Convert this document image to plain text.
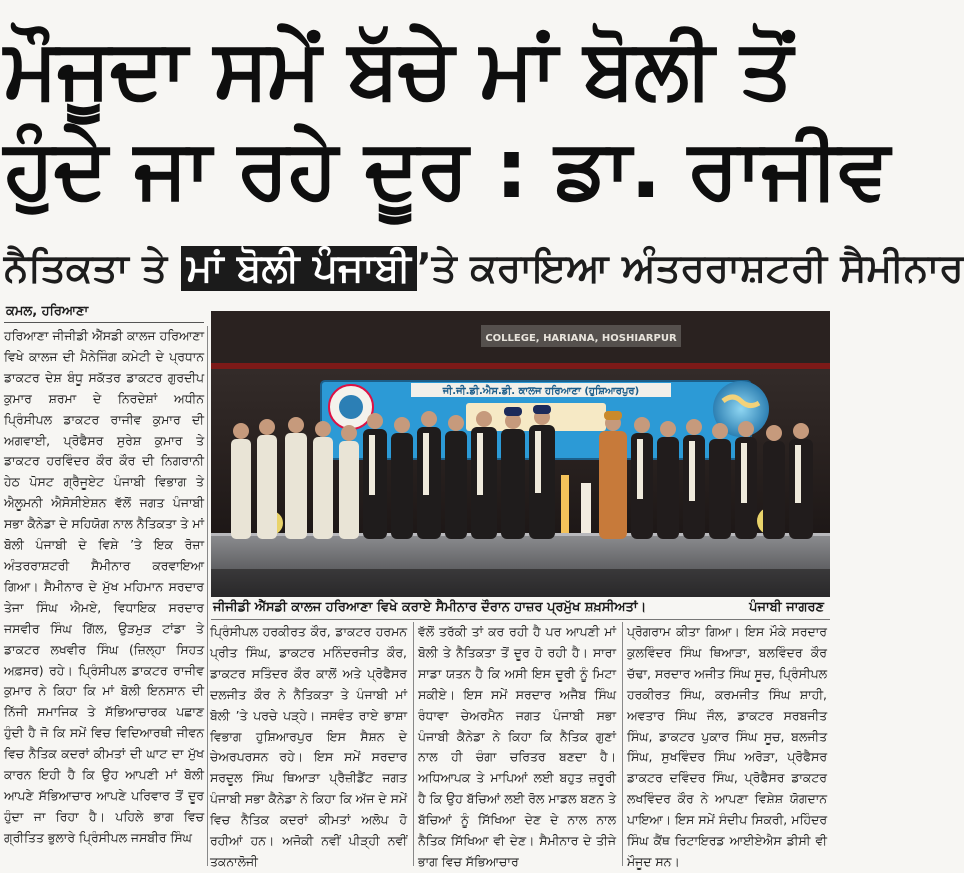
ਮੌਜੂਦਾ ਸਮੇਂ ਬੱਚੇ ਮਾਂ ਬੋਲੀ ਤੋਂ
ਹੁੰਦੇ ਜਾ ਰਹੇ ਦੂਰ : ਡਾ. ਰਾਜੀਵ
ਨੈਤਿਕਤਾ ਤੇ ਮਾਂ ਬੋਲੀ ਪੰਜਾਬੀ ’ਤੇ ਕਰਾਇਆ ਅੰਤਰਰਾਸ਼ਟਰੀ ਸੈਮੀਨਾਰ
ਕਮਲ, ਹਰਿਆਣਾ

ਹਰਿਆਣਾ ਜੀਜੀਡੀ ਐੱਸਡੀ ਕਾਲਜ ਹਰਿਆਣਾ ਵਿਖੇ ਕਾਲਜ ਦੀ ਮੈਨੇਜਿੰਗ ਕਮੇਟੀ ਦੇ ਪ੍ਰਧਾਨ ਡਾਕਟਰ ਦੇਸ਼ ਬੰਧੂ ਸਕੱਤਰ ਡਾਕਟਰ ਗੁਰਦੀਪ ਕੁਮਾਰ ਸ਼ਰਮਾ ਦੇ ਨਿਰਦੇਸ਼ਾਂ ਅਧੀਨ ਪ੍ਰਿੰਸੀਪਲ ਡਾਕਟਰ ਰਾਜੀਵ ਕੁਮਾਰ ਦੀ ਅਗਵਾਈ, ਪ੍ਰੋਫੈਸਰ ਸੁਰੇਸ਼ ਕੁਮਾਰ ਤੇ ਡਾਕਟਰ ਹਰਵਿੰਦਰ ਕੌਰ ਕੌਰ ਦੀ ਨਿਗਰਾਨੀ ਹੇਠ ਪੋਸਟ ਗ੍ਰੈਜੂਏਟ ਪੰਜਾਬੀ ਵਿਭਾਗ ਤੇ ਐਲੂਮਨੀ ਐਸੋਸੀਏਸ਼ਨ ਵੱਲੋਂ ਜਗਤ ਪੰਜਾਬੀ ਸਭਾ ਕੈਨੇਡਾ ਦੇ ਸਹਿਯੋਗ ਨਾਲ ਨੈਤਿਕਤਾ ਤੇ ਮਾਂ ਬੋਲੀ ਪੰਜਾਬੀ ਦੇ ਵਿਸ਼ੇ ’ਤੇ ਇਕ ਰੋਜ਼ਾ ਅੰਤਰਰਾਸ਼ਟਰੀ ਸੈਮੀਨਾਰ ਕਰਵਾਇਆ ਗਿਆ। ਸੈਮੀਨਾਰ ਦੇ ਮੁੱਖ ਮਹਿਮਾਨ ਸਰਦਾਰ ਤੇਜਾ ਸਿੰਘ ਐਮਏ, ਵਿਧਾਇਕ ਸਰਦਾਰ ਜਸਵੀਰ ਸਿੰਘ ਗਿੱਲ, ਉੜਮੁੜ ਟਾਂਡਾ ਤੇ ਡਾਕਟਰ ਲਖਵੀਰ ਸਿੰਘ (ਜ਼ਿਲ੍ਹਾ ਸਿਹਤ ਅਫ਼ਸਰ) ਰਹੇ। ਪ੍ਰਿੰਸੀਪਲ ਡਾਕਟਰ ਰਾਜੀਵ ਕੁਮਾਰ ਨੇ ਕਿਹਾ ਕਿ ਮਾਂ ਬੋਲੀ ਇਨਸਾਨ ਦੀ ਨਿੱਜੀ ਸਮਾਜਿਕ ਤੇ ਸੱਭਿਆਚਾਰਕ ਪਛਾਣ ਹੁੰਦੀ ਹੈ ਜੋ ਕਿ ਸਮੇਂ ਵਿਚ ਵਿਦਿਆਰਥੀ ਜੀਵਨ ਵਿਚ ਨੈਤਿਕ ਕਦਰਾਂ ਕੀਮਤਾਂ ਦੀ ਘਾਟ ਦਾ ਮੁੱਖ ਕਾਰਨ ਇਹੀ ਹੈ ਕਿ ਉਹ ਆਪਣੀ ਮਾਂ ਬੋਲੀ ਆਪਣੇ ਸੱਭਿਆਚਾਰ ਆਪਣੇ ਪਰਿਵਾਰ ਤੋਂ ਦੂਰ ਹੁੰਦਾ ਜਾ ਰਿਹਾ ਹੈ। ਪਹਿਲੇ ਭਾਗ ਵਿਚ ਗ੍ਰੀਤਿਤ ਭੁਲਾਰੇ ਪ੍ਰਿੰਸੀਪਲ ਜਸਬੀਰ ਸਿੰਘ

COLLEGE, HARIANA, HOSHIARPUR
ਜੀ.ਜੀ.ਡੀ.ਐਸ.ਡੀ. ਕਾਲਜ ਹਰਿਆਣਾ (ਹੁਸ਼ਿਆਰਪੁਰ)
ਜੀਜੀਡੀ ਐੱਸਡੀ ਕਾਲਜ ਹਰਿਆਣਾ ਵਿਖੇ ਕਰਾਏ ਸੈਮੀਨਾਰ ਦੌਰਾਨ ਹਾਜ਼ਰ ਪ੍ਰਮੁੱਖ ਸ਼ਖ਼ਸੀਅਤਾਂ।	ਪੰਜਾਬੀ ਜਾਗਰਣ

ਪ੍ਰਿੰਸੀਪਲ ਹਰਕੀਰਤ ਕੌਰ, ਡਾਕਟਰ ਹਰਮਨ ਪ੍ਰੀਤ ਸਿੰਘ, ਡਾਕਟਰ ਮਨਿੰਦਰਜੀਤ ਕੌਰ, ਡਾਕਟਰ ਸਤਿੰਦਰ ਕੌਰ ਕਾਲੋਂ ਅਤੇ ਪ੍ਰੋਫੈਸਰ ਦਲਜੀਤ ਕੌਰ ਨੇ ਨੈਤਿਕਤਾ ਤੇ ਪੰਜਾਬੀ ਮਾਂ ਬੋਲੀ ’ਤੇ ਪਰਚੇ ਪੜ੍ਹੇ। ਜਸਵੰਤ ਰਾਏ ਭਾਸ਼ਾ ਵਿਭਾਗ ਹੁਸ਼ਿਆਰਪੁਰ ਇਸ ਸੈਸ਼ਨ ਦੇ ਚੇਅਰਪਰਸਨ ਰਹੇ। ਇਸ ਸਮੇਂ ਸਰਦਾਰ ਸਰਦੂਲ ਸਿੰਘ ਥਿਆੜਾ ਪ੍ਰੈਜ਼ੀਡੈਂਟ ਜਗਤ ਪੰਜਾਬੀ ਸਭਾ ਕੈਨੇਡਾ ਨੇ ਕਿਹਾ ਕਿ ਅੱਜ ਦੇ ਸਮੇਂ ਵਿਚ ਨੈਤਿਕ ਕਦਰਾਂ ਕੀਮਤਾਂ ਅਲੋਪ ਹੋ ਰਹੀਆਂ ਹਨ। ਅਜੋਕੀ ਨਵੀਂ ਪੀੜ੍ਹੀ ਨਵੀਂ ਤਕਨਾਲੋਜੀ

ਵੱਲੋਂ ਤਰੱਕੀ ਤਾਂ ਕਰ ਰਹੀ ਹੈ ਪਰ ਆਪਣੀ ਮਾਂ ਬੋਲੀ ਤੇ ਨੈਤਿਕਤਾ ਤੋਂ ਦੂਰ ਹੋ ਰਹੀ ਹੈ। ਸਾਰਾ ਸਾਡਾ ਯਤਨ ਹੈ ਕਿ ਅਸੀ ਇਸ ਦੂਰੀ ਨੂੰ ਮਿਟਾ ਸਕੀਏ। ਇਸ ਸਮੇਂ ਸਰਦਾਰ ਅਜੈਬ ਸਿੰਘ ਰੰਧਾਵਾ ਚੇਅਰਮੈਨ ਜਗਤ ਪੰਜਾਬੀ ਸਭਾ ਪੰਜਾਬੀ ਕੈਨੇਡਾ ਨੇ ਕਿਹਾ ਕਿ ਨੈਤਿਕ ਗੁਣਾਂ ਨਾਲ ਹੀ ਚੰਗਾ ਚਰਿਤਰ ਬਣਦਾ ਹੈ। ਅਧਿਆਪਕ ਤੇ ਮਾਪਿਆਂ ਲਈ ਬਹੁਤ ਜ਼ਰੂਰੀ ਹੈ ਕਿ ਉਹ ਬੱਚਿਆਂ ਲਈ ਰੋਲ ਮਾਡਲ ਬਣਨ ਤੇ ਬੱਚਿਆਂ ਨੂੰ ਸਿੱਖਿਆ ਦੇਣ ਦੇ ਨਾਲ ਨਾਲ ਨੈਤਿਕ ਸਿੱਖਿਆ ਵੀ ਦੇਣ। ਸੈਮੀਨਾਰ ਦੇ ਤੀਜੇ ਭਾਗ ਵਿਚ ਸੱਭਿਆਚਾਰ

ਪ੍ਰੋਗਰਾਮ ਕੀਤਾ ਗਿਆ। ਇਸ ਮੌਕੇ ਸਰਦਾਰ ਕੁਲਵਿੰਦਰ ਸਿੰਘ ਥਿਆੜਾ, ਬਲਵਿੰਦਰ ਕੌਰ ਚੱਢਾ, ਸਰਦਾਰ ਅਜੀਤ ਸਿੰਘ ਸੂਚ, ਪ੍ਰਿੰਸੀਪਲ ਹਰਕੀਰਤ ਸਿੰਘ, ਕਰਮਜੀਤ ਸਿੰਘ ਸ਼ਾਹੀ, ਅਵਤਾਰ ਸਿੰਘ ਜੌਲ, ਡਾਕਟਰ ਸਰਬਜੀਤ ਸਿੰਘ, ਡਾਕਟਰ ਪੁਕਾਰ ਸਿੰਘ ਸੂਚ, ਬਲਜੀਤ ਸਿੰਘ, ਸੁਖਵਿੰਦਰ ਸਿੰਘ ਅਰੋੜਾ, ਪ੍ਰੋਫੈਸਰ ਡਾਕਟਰ ਦਵਿੰਦਰ ਸਿੰਘ, ਪ੍ਰੋਫੈਸਰ ਡਾਕਟਰ ਲਖਵਿੰਦਰ ਕੌਰ ਨੇ ਆਪਣਾ ਵਿਸ਼ੇਸ਼ ਯੋਗਦਾਨ ਪਾਇਆ। ਇਸ ਸਮੇਂ ਸੰਦੀਪ ਸਿਕਰੀ, ਮਹਿੰਦਰ ਸਿੰਘ ਕੈਂਥ ਰਿਟਾਇਰਡ ਆਈਏਐਸ ਡੀਸੀ ਵੀ ਮੌਜੂਦ ਸਨ।
